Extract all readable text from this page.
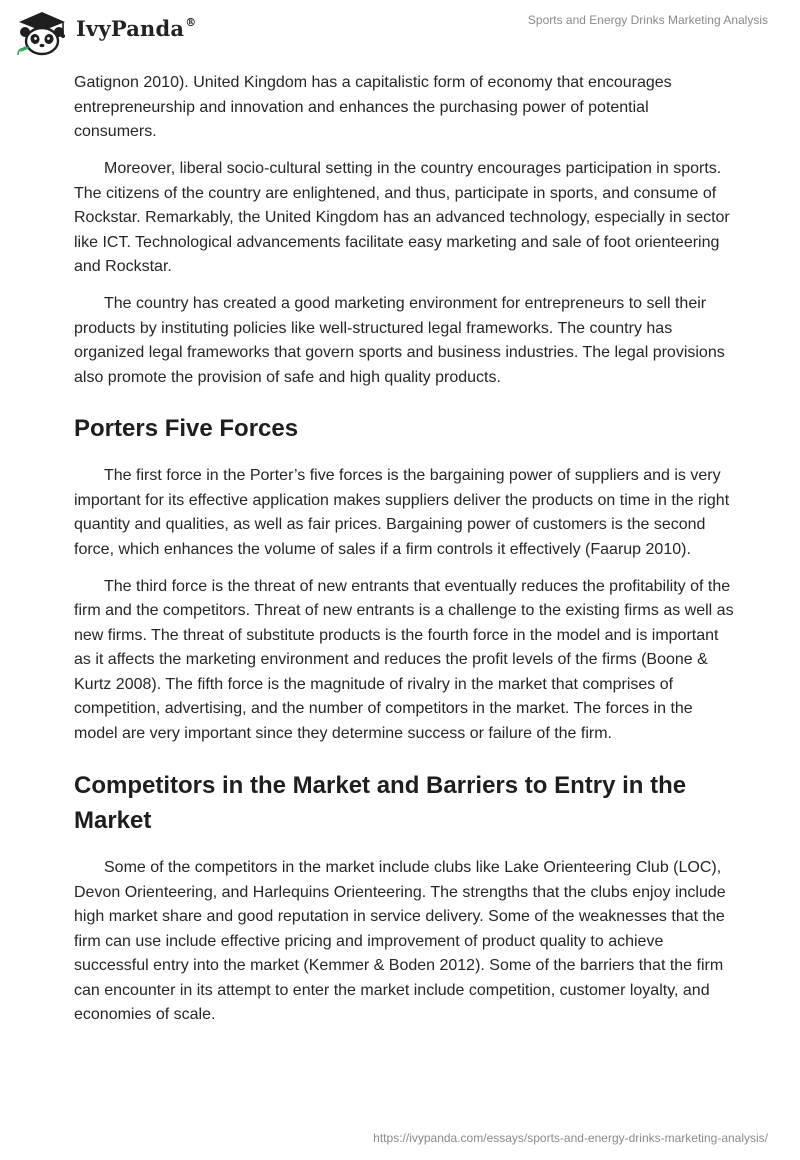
IvyPanda®	Sports and Energy Drinks Marketing Analysis

Gatignon 2010). United Kingdom has a capitalistic form of economy that encourages entrepreneurship and innovation and enhances the purchasing power of potential consumers.

Moreover, liberal socio-cultural setting in the country encourages participation in sports. The citizens of the country are enlightened, and thus, participate in sports, and consume of Rockstar. Remarkably, the United Kingdom has an advanced technology, especially in sector like ICT. Technological advancements facilitate easy marketing and sale of foot orienteering and Rockstar.

The country has created a good marketing environment for entrepreneurs to sell their products by instituting policies like well-structured legal frameworks. The country has organized legal frameworks that govern sports and business industries. The legal provisions also promote the provision of safe and high quality products.

Porters Five Forces

The first force in the Porter’s five forces is the bargaining power of suppliers and is very important for its effective application makes suppliers deliver the products on time in the right quantity and qualities, as well as fair prices. Bargaining power of customers is the second force, which enhances the volume of sales if a firm controls it effectively (Faarup 2010).

The third force is the threat of new entrants that eventually reduces the profitability of the firm and the competitors. Threat of new entrants is a challenge to the existing firms as well as new firms. The threat of substitute products is the fourth force in the model and is important as it affects the marketing environment and reduces the profit levels of the firms (Boone & Kurtz 2008). The fifth force is the magnitude of rivalry in the market that comprises of competition, advertising, and the number of competitors in the market. The forces in the model are very important since they determine success or failure of the firm.

Competitors in the Market and Barriers to Entry in the Market

Some of the competitors in the market include clubs like Lake Orienteering Club (LOC), Devon Orienteering, and Harlequins Orienteering. The strengths that the clubs enjoy include high market share and good reputation in service delivery. Some of the weaknesses that the firm can use include effective pricing and improvement of product quality to achieve successful entry into the market (Kemmer & Boden 2012). Some of the barriers that the firm can encounter in its attempt to enter the market include competition, customer loyalty, and economies of scale.

https://ivypanda.com/essays/sports-and-energy-drinks-marketing-analysis/
